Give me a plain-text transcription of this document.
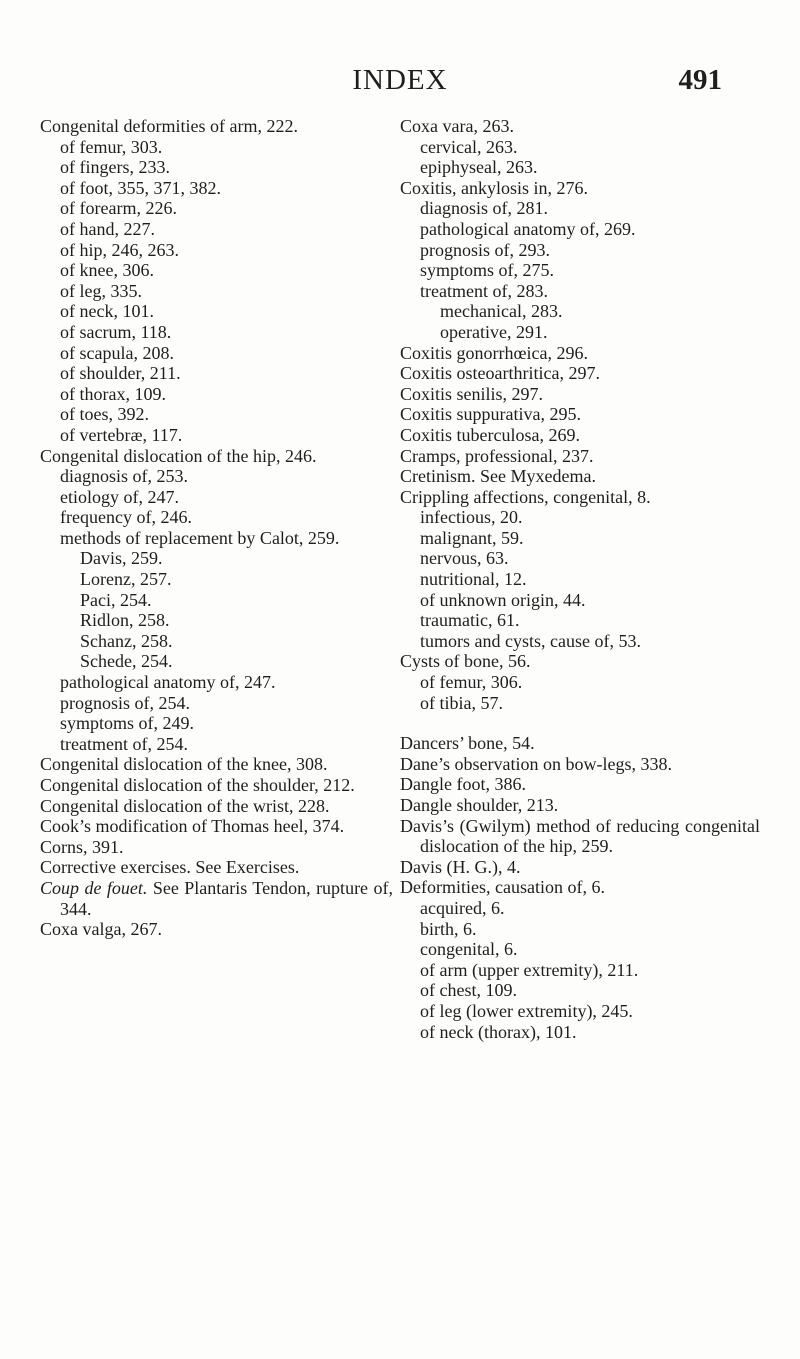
INDEX	491
Congenital deformities of arm, 222.
of femur, 303.
of fingers, 233.
of foot, 355, 371, 382.
of forearm, 226.
of hand, 227.
of hip, 246, 263.
of knee, 306.
of leg, 335.
of neck, 101.
of sacrum, 118.
of scapula, 208.
of shoulder, 211.
of thorax, 109.
of toes, 392.
of vertebræ, 117.
Congenital dislocation of the hip, 246.
diagnosis of, 253.
etiology of, 247.
frequency of, 246.
methods of replacement by Calot, 259.
Davis, 259.
Lorenz, 257.
Paci, 254.
Ridlon, 258.
Schanz, 258.
Schede, 254.
pathological anatomy of, 247.
prognosis of, 254.
symptoms of, 249.
treatment of, 254.
Congenital dislocation of the knee, 308.
Congenital dislocation of the shoulder, 212.
Congenital dislocation of the wrist, 228.
Cook’s modification of Thomas heel, 374.
Corns, 391.
Corrective exercises. See Exercises.
Coup de fouet. See Plantaris Tendon, rupture of, 344.
Coxa valga, 267.
Coxa vara, 263.
cervical, 263.
epiphyseal, 263.
Coxitis, ankylosis in, 276.
diagnosis of, 281.
pathological anatomy of, 269.
prognosis of, 293.
symptoms of, 275.
treatment of, 283.
mechanical, 283.
operative, 291.
Coxitis gonorrhœica, 296.
Coxitis osteoarthritica, 297.
Coxitis senilis, 297.
Coxitis suppurativa, 295.
Coxitis tuberculosa, 269.
Cramps, professional, 237.
Cretinism. See Myxedema.
Crippling affections, congenital, 8.
infectious, 20.
malignant, 59.
nervous, 63.
nutritional, 12.
of unknown origin, 44.
traumatic, 61.
tumors and cysts, cause of, 53.
Cysts of bone, 56.
of femur, 306.
of tibia, 57.
Dancers’ bone, 54.
Dane’s observation on bow-legs, 338.
Dangle foot, 386.
Dangle shoulder, 213.
Davis’s (Gwilym) method of reducing congenital dislocation of the hip, 259.
Davis (H. G.), 4.
Deformities, causation of, 6.
acquired, 6.
birth, 6.
congenital, 6.
of arm (upper extremity), 211.
of chest, 109.
of leg (lower extremity), 245.
of neck (thorax), 101.
